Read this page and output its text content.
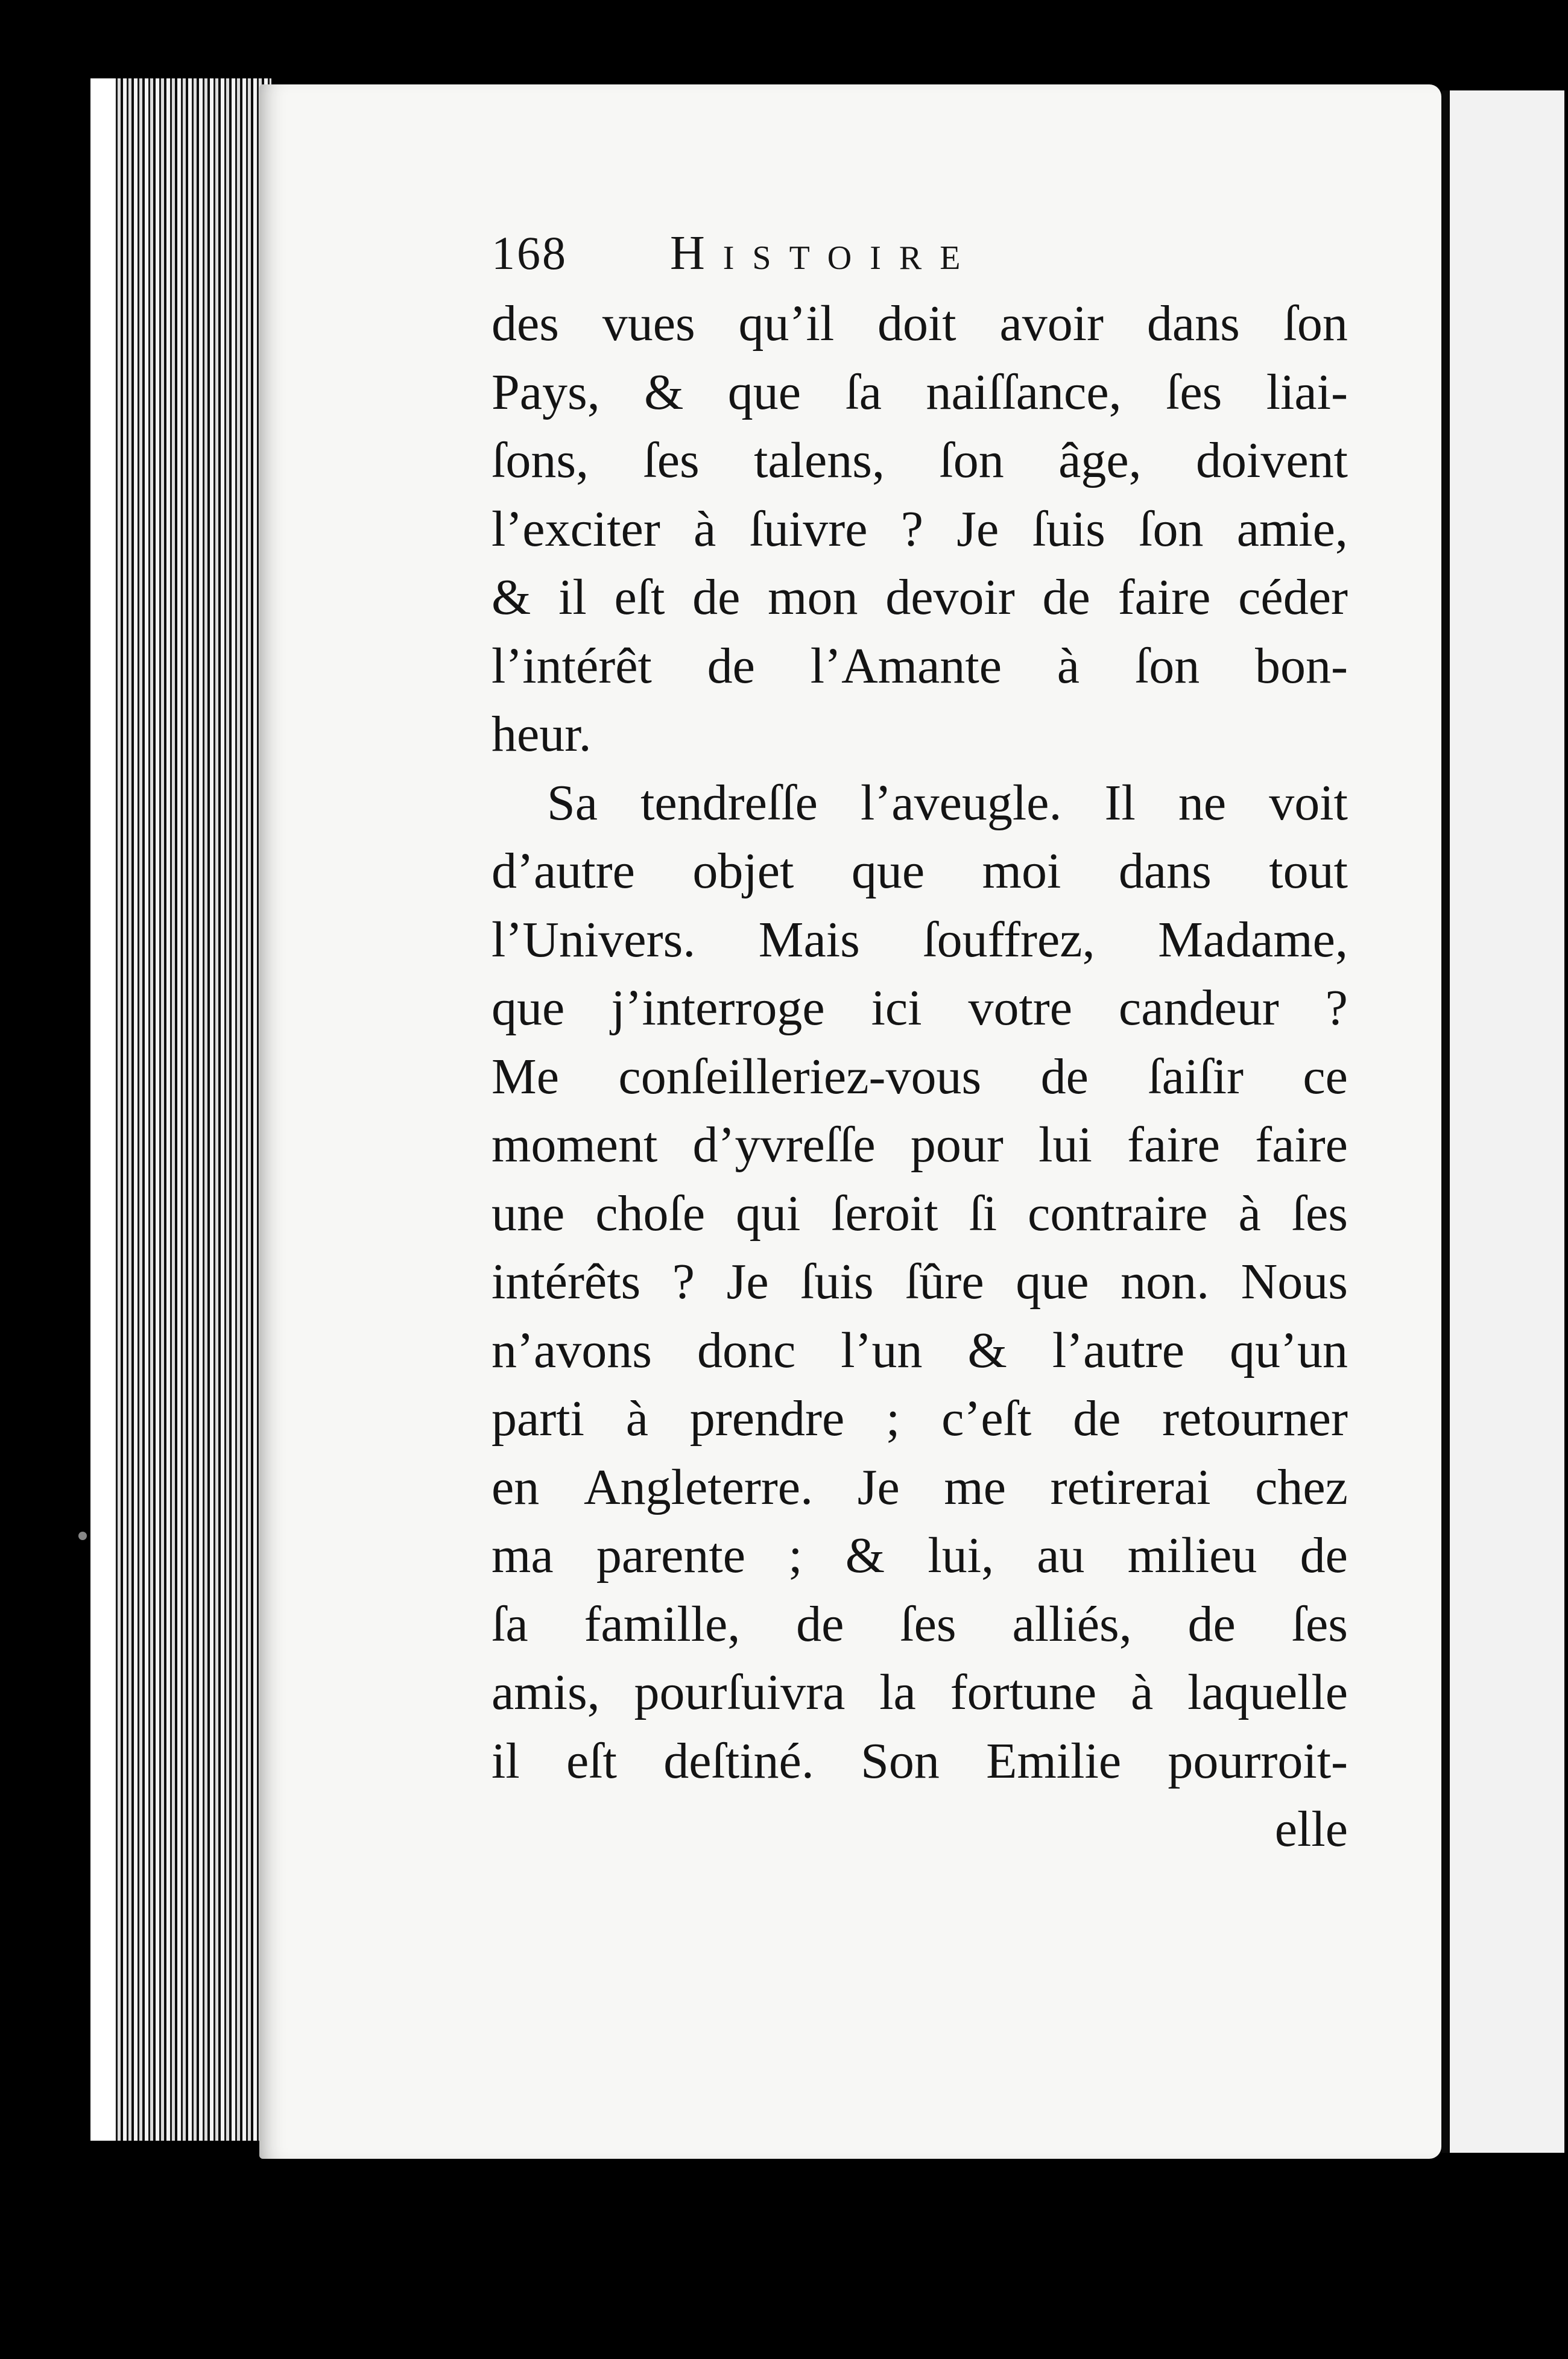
168 Histoire
des vues qu’il doit avoir dans ſon
Pays, & que ſa naiſſance, ſes liai-
ſons, ſes talens, ſon âge, doivent
l’exciter à ſuivre ? Je ſuis ſon amie,
& il eſt de mon devoir de faire céder
l’intérêt de l’Amante à ſon bon-
heur.
Sa tendreſſe l’aveugle. Il ne voit
d’autre objet que moi dans tout
l’Univers. Mais ſouffrez, Madame,
que j’interroge ici votre candeur ?
Me conſeilleriez-vous de ſaiſir ce
moment d’yvreſſe pour lui faire faire
une choſe qui ſeroit ſi contraire à ſes
intérêts ? Je ſuis ſûre que non. Nous
n’avons donc l’un & l’autre qu’un
parti à prendre ; c’eſt de retourner
en Angleterre. Je me retirerai chez
ma parente ; & lui, au milieu de
ſa famille, de ſes alliés, de ſes
amis, pourſuivra la fortune à laquelle
il eſt deſtiné. Son Emilie pourroit-
elle
